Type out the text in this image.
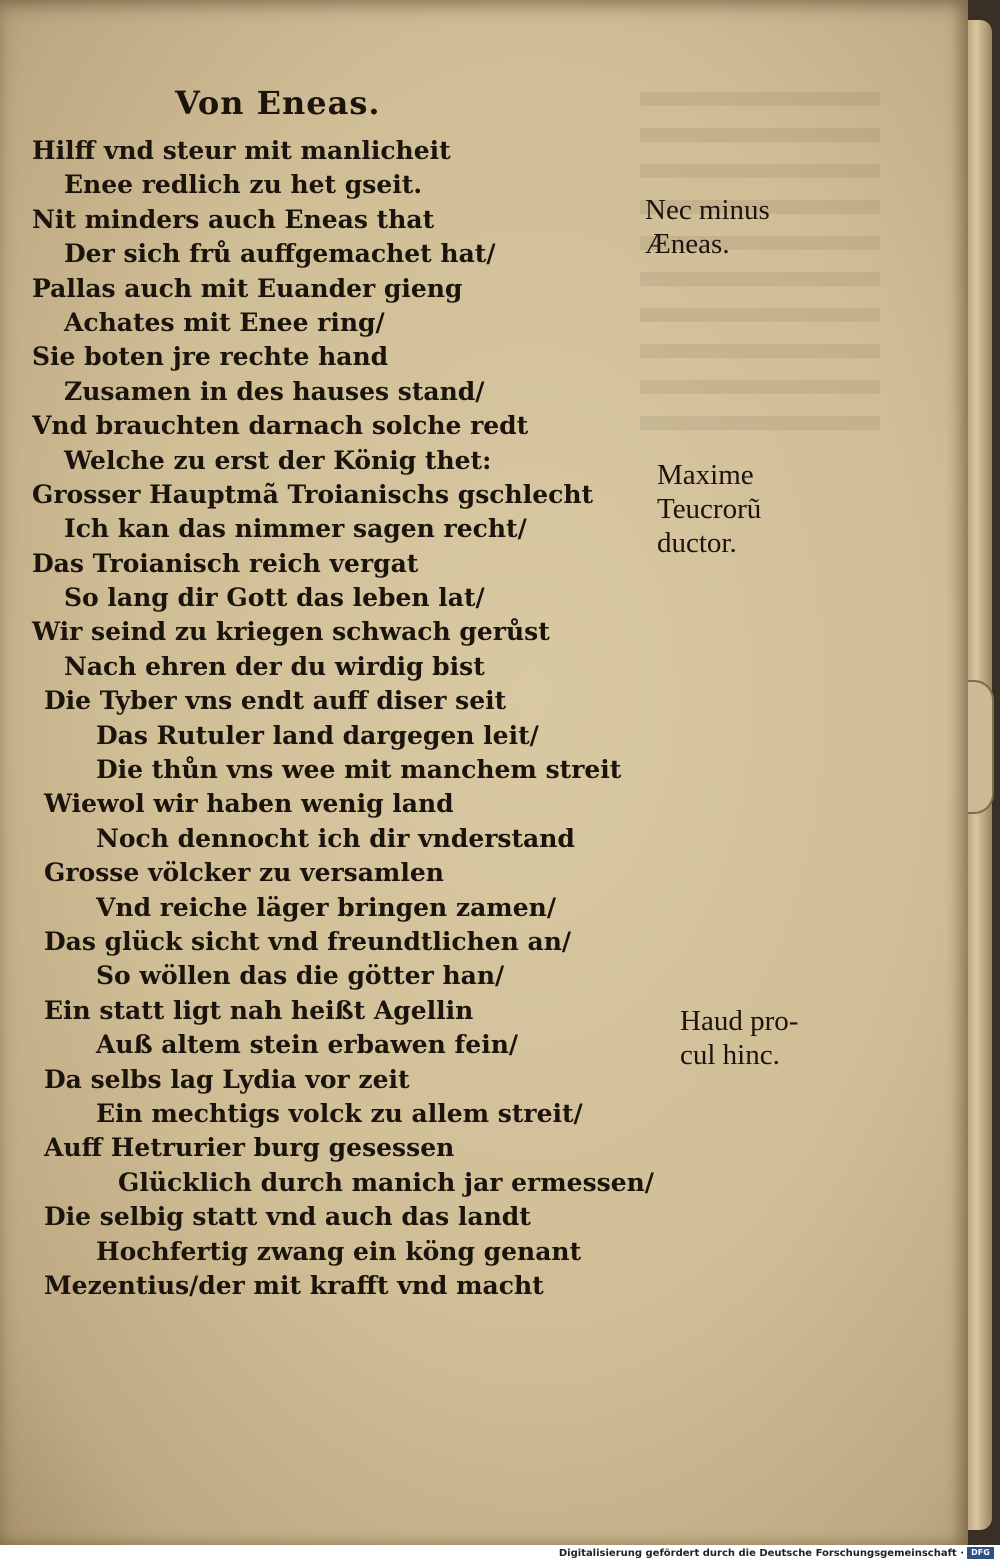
Von Eneas.
Hilff vnd steur mit manlicheit
Enee redlich zu het gseit.
Nit minders auch Eneas that
Der sich frů auffgemachet hat/
Pallas auch mit Euander gieng
Achates mit Enee ring/
Sie boten jre rechte hand
Zusamen in des hauses stand/
Vnd brauchten darnach solche redt
Welche zu erst der König thet:
Grosser Hauptmã Troianischs gschlecht
Ich kan das nimmer sagen recht/
Das Troianisch reich vergat
So lang dir Gott das leben lat/
Wir seind zu kriegen schwach gerůst
Nach ehren der du wirdig bist
Die Tyber vns endt auff diser seit
Das Rutuler land dargegen leit/
Die thůn vns wee mit manchem streit
Wiewol wir haben wenig land
Noch dennocht ich dir vnderstand
Grosse völcker zu versamlen
Vnd reiche läger bringen zamen/
Das glück sicht vnd freundtlichen an/
So wöllen das die götter han/
Ein statt ligt nah heißt Agellin
Auß altem stein erbawen fein/
Da selbs lag Lydia vor zeit
Ein mechtigs volck zu allem streit/
Auff Hetrurier burg gesessen
Glücklich durch manich jar ermessen/
Die selbig statt vnd auch das landt
Hochfertig zwang ein köng genant
Mezentius/der mit krafft vnd macht
Nec minus
Æneas.
Maxime
Teucrorũ
ductor.
Haud pro-
cul hinc.
Digitalisierung gefördert durch die Deutsche Forschungsgemeinschaft · DFG
